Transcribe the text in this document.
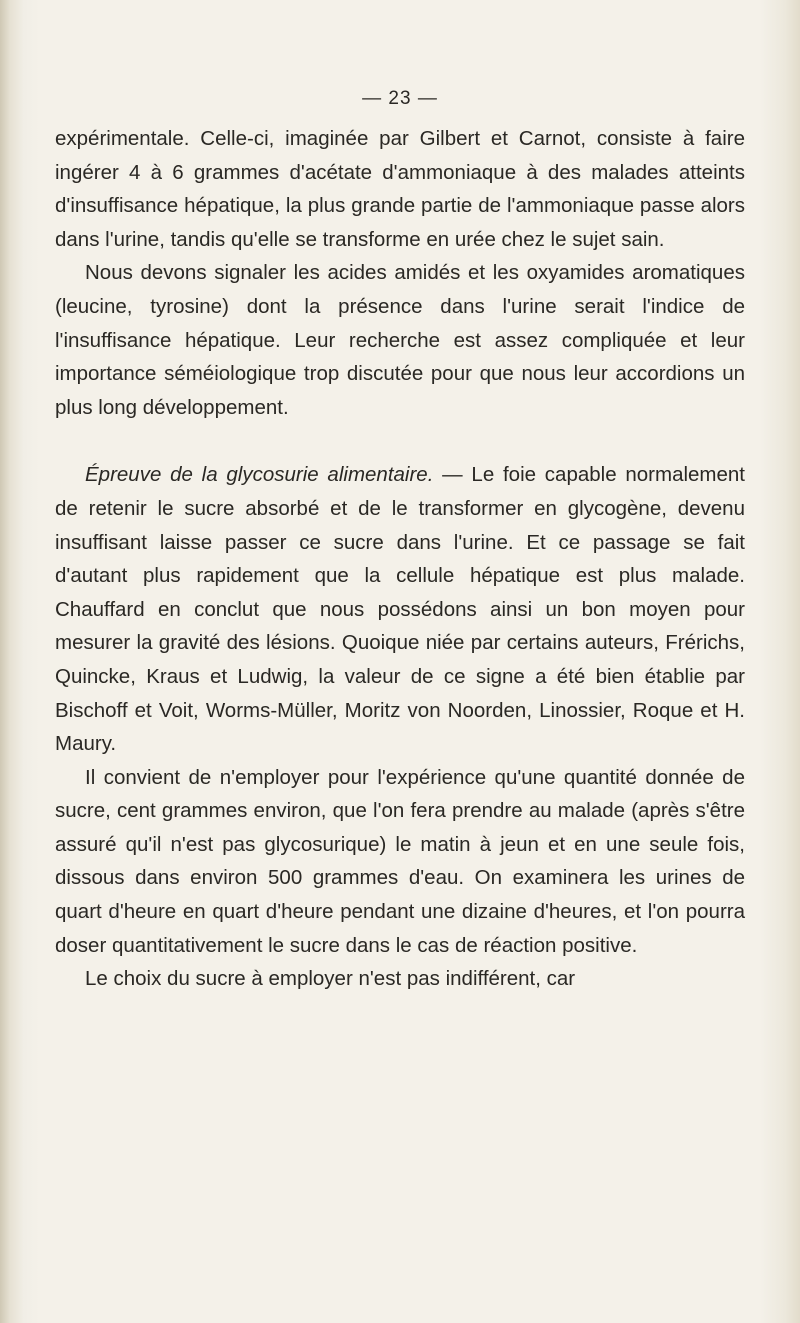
— 23 —

expérimentale. Celle-ci, imaginée par Gilbert et Carnot, consiste à faire ingérer 4 à 6 grammes d'acétate d'ammoniaque à des malades atteints d'insuffisance hépatique, la plus grande partie de l'ammoniaque passe alors dans l'urine, tandis qu'elle se transforme en urée chez le sujet sain.

Nous devons signaler les acides amidés et les oxyamides aromatiques (leucine, tyrosine) dont la présence dans l'urine serait l'indice de l'insuffisance hépatique. Leur recherche est assez compliquée et leur importance séméiologique trop discutée pour que nous leur accordions un plus long développement.

Épreuve de la glycosurie alimentaire. — Le foie capable normalement de retenir le sucre absorbé et de le transformer en glycogène, devenu insuffisant laisse passer ce sucre dans l'urine. Et ce passage se fait d'autant plus rapidement que la cellule hépatique est plus malade. Chauffard en conclut que nous possédons ainsi un bon moyen pour mesurer la gravité des lésions. Quoique niée par certains auteurs, Frérichs, Quincke, Kraus et Ludwig, la valeur de ce signe a été bien établie par Bischoff et Voit, Worms-Müller, Moritz von Noorden, Linossier, Roque et H. Maury.

Il convient de n'employer pour l'expérience qu'une quantité donnée de sucre, cent grammes environ, que l'on fera prendre au malade (après s'être assuré qu'il n'est pas glycosurique) le matin à jeun et en une seule fois, dissous dans environ 500 grammes d'eau. On examinera les urines de quart d'heure en quart d'heure pendant une dizaine d'heures, et l'on pourra doser quantitativement le sucre dans le cas de réaction positive.

Le choix du sucre à employer n'est pas indifférent, car
